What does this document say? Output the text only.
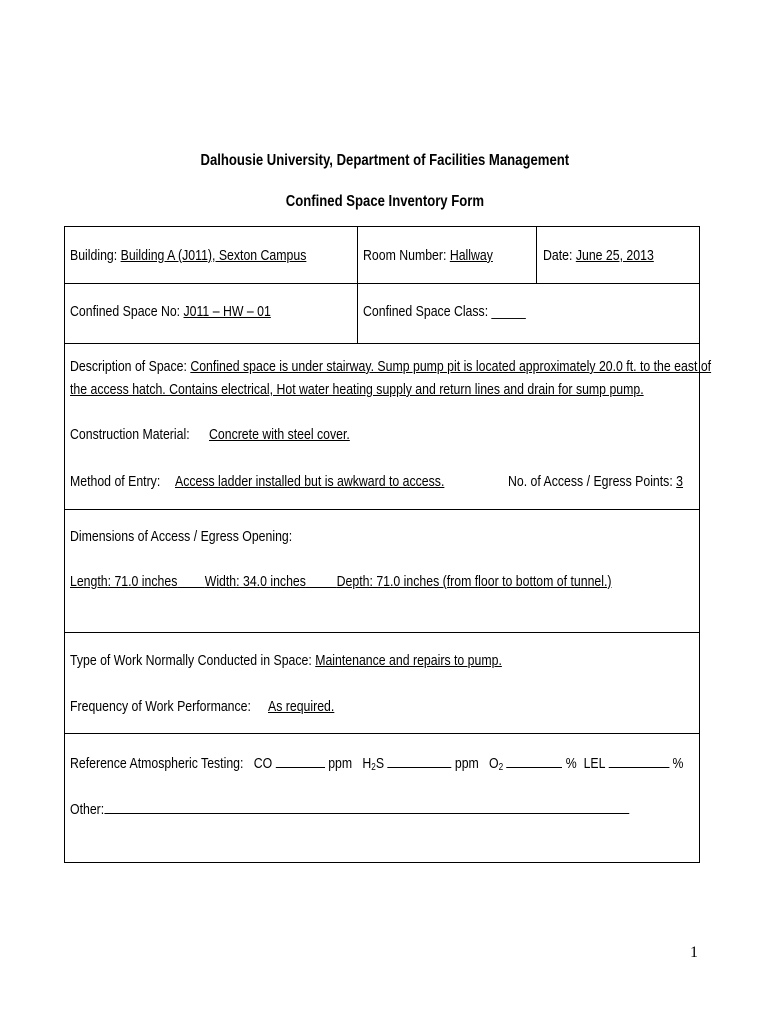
Dalhousie University, Department of Facilities Management
Confined Space Inventory Form
Building: Building A (J011), Sexton Campus	Room Number: Hallway	Date: June 25, 2013
Confined Space No: J011 – HW – 01	Confined Space Class: _____
Description of Space: Confined space is under stairway. Sump pump pit is located approximately 20.0 ft. to the east of
the access hatch. Contains electrical, Hot water heating supply and return lines and drain for sump pump.
Construction Material: Concrete with steel cover.
Method of Entry: Access ladder installed but is awkward to access.	No. of Access / Egress Points: 3
Dimensions of Access / Egress Opening:
Length: 71.0 inches Width: 34.0 inches Depth: 71.0 inches (from floor to bottom of tunnel.)
Type of Work Normally Conducted in Space: Maintenance and repairs to pump.
Frequency of Work Performance: As required.
Reference Atmospheric Testing: CO	ppm $H_2S$	ppm $O_2$	% LEL	%
Other:
1
